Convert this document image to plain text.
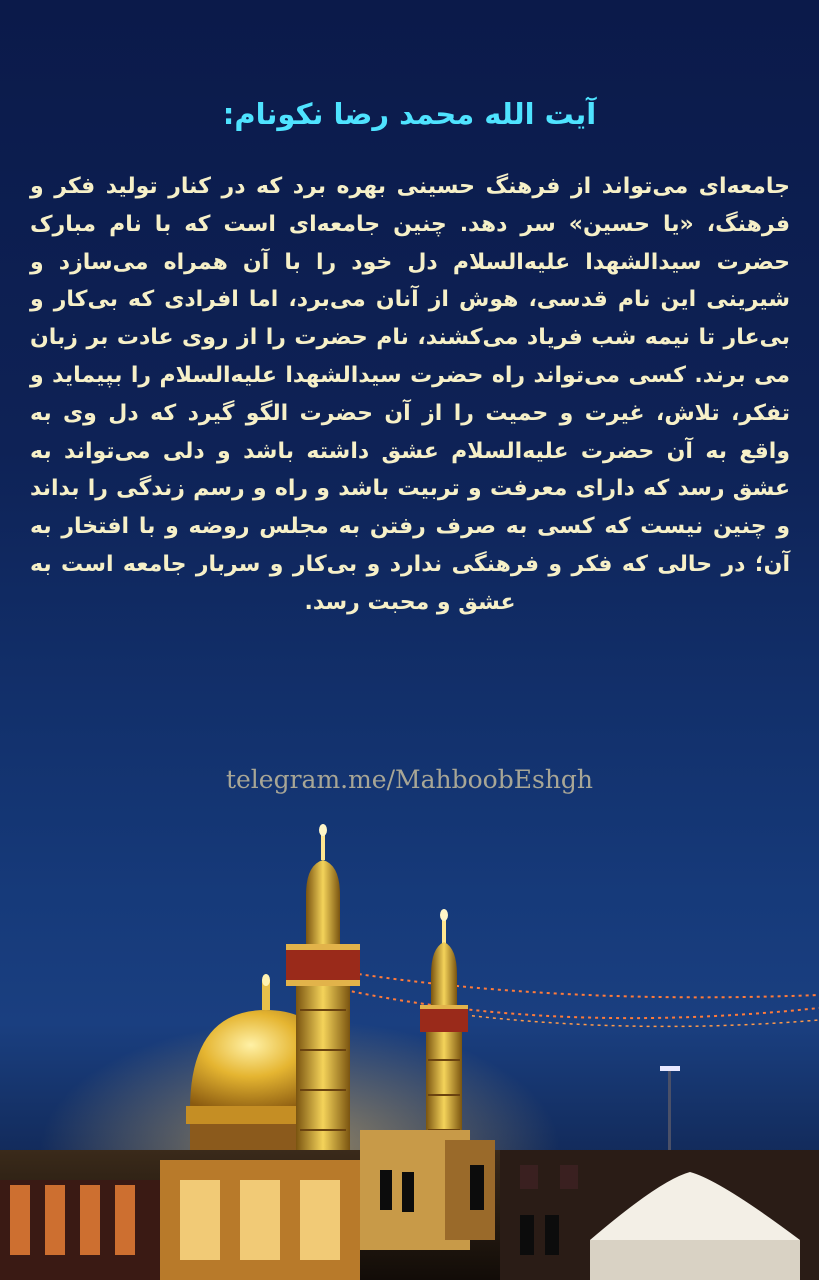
آیت الله محمد رضا نکونام:
جامعه‌ای می‌تواند از فرهنگ حسینی بهره برد که در کنار تولید فکر و فرهنگ، «یا حسین» سر دهد. چنین جامعه‌ای است که با نام مبارک حضرت سیدالشهدا علیه‌السلام دل خود را با آن همراه می‌سازد و شیرینی این نام قدسی، هوش از آنان می‌برد، اما افرادی که بی‌کار و بی‌عار تا نیمه شب فریاد می‌کشند، نام حضرت را از روی عادت بر زبان می برند. کسی می‌تواند راه حضرت سیدالشهدا علیه‌السلام را بپیماید و تفکر، تلاش، غیرت و حمیت را از آن حضرت الگو گیرد که دل وی به واقع به آن حضرت علیه‌السلام عشق داشته باشد و دلی می‌تواند به عشق رسد که دارای معرفت و تربیت باشد و راه و رسم زندگی را بداند و چنین نیست که کسی به صرف رفتن به مجلس روضه و با افتخار به آن؛ در حالی که فکر و فرهنگی ندارد و بی‌کار و سربار جامعه است به عشق و محبت رسد.
telegram.me/MahboobEshgh
